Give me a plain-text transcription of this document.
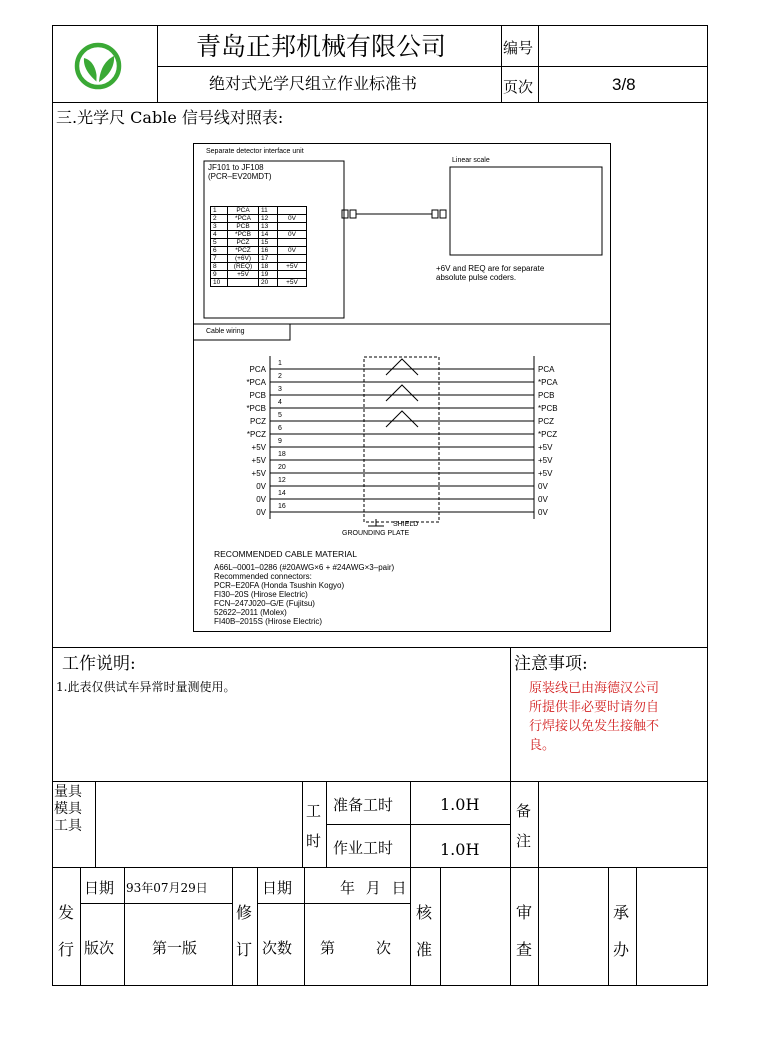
青岛正邦机械有限公司
绝对式光学尺组立作业标准书
编号
页次	3/8
三.光学尺 Cable 信号线对照表:
Separate detector interface unit
JF101 to JF108
(PCR–EV20MDT)
Linear scale
+6V and REQ are for separate
absolute pulse coders.
Cable wiring
1	PCA	11	
2	*PCA	12	0V
3	PCB	13	
4	*PCB	14	0V
5	PCZ	15	
6	*PCZ	16	0V
7	(+6V)	17	
8	(REQ)	18	+5V
9	+5V	19	
10		20	+5V
PCA
1
PCA
*PCA
2
*PCA
PCB
3
PCB
*PCB
4
*PCB
PCZ
5
PCZ
*PCZ
6
*PCZ
+5V
9
+5V
+5V
18
+5V
+5V
20
+5V
0V
12
0V
0V
14
0V
0V
16
0V
SHIELD
GROUNDING PLATE
RECOMMENDED CABLE MATERIAL
A66L–0001–0286 (#20AWG×6 + #24AWG×3–pair)
Recommended connectors:
PCR–E20FA (Honda Tsushin Kogyo)
FI30–20S (Hirose Electric)
FCN–247J020–G/E (Fujitsu)
52622–2011 (Molex)
FI40B–2015S (Hirose Electric)
工作说明:
1.此表仅供试车异常时量测使用。
注意事项:
原装线已由海德汉公司
所提供非必要时请勿自
行焊接以免发生接触不
良。
量具
模具
工具
工
时
准备工时	1.0H
作业工时	1.0H
备
注
发
行
日期 93年07月29日
版次	第一版
修
订
日期	年 月 日
次数 第	次
核
准
审
查
承
办
